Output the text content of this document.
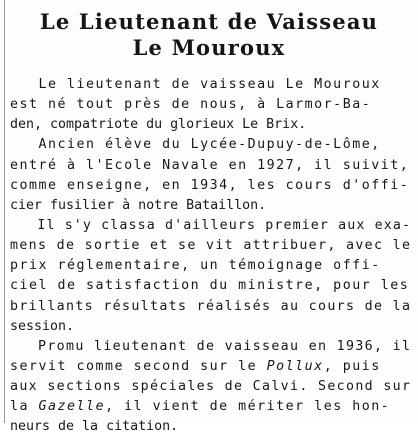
Le Lieutenant de Vaisseau
Le Mouroux
Le lieutenant de vaisseau Le Mouroux
est né tout près de nous, à Larmor-Ba-
den, compatriote du glorieux Le Brix.
Ancien élève du Lycée-Dupuy-de-Lôme,
entré à l'Ecole Navale en 1927, il suivit,
comme enseigne, en 1934, les cours d'offi-
cier fusilier à notre Bataillon.
Il s'y classa d'ailleurs premier aux exa-
mens de sortie et se vit attribuer, avec le
prix réglementaire, un témoignage offi-
ciel de satisfaction du ministre, pour les
brillants résultats réalisés au cours de la
session.
Promu lieutenant de vaisseau en 1936, il
servit comme second sur le Pollux, puis
aux sections spéciales de Calvi. Second sur
la Gazelle, il vient de mériter les hon-
neurs de la citation.
